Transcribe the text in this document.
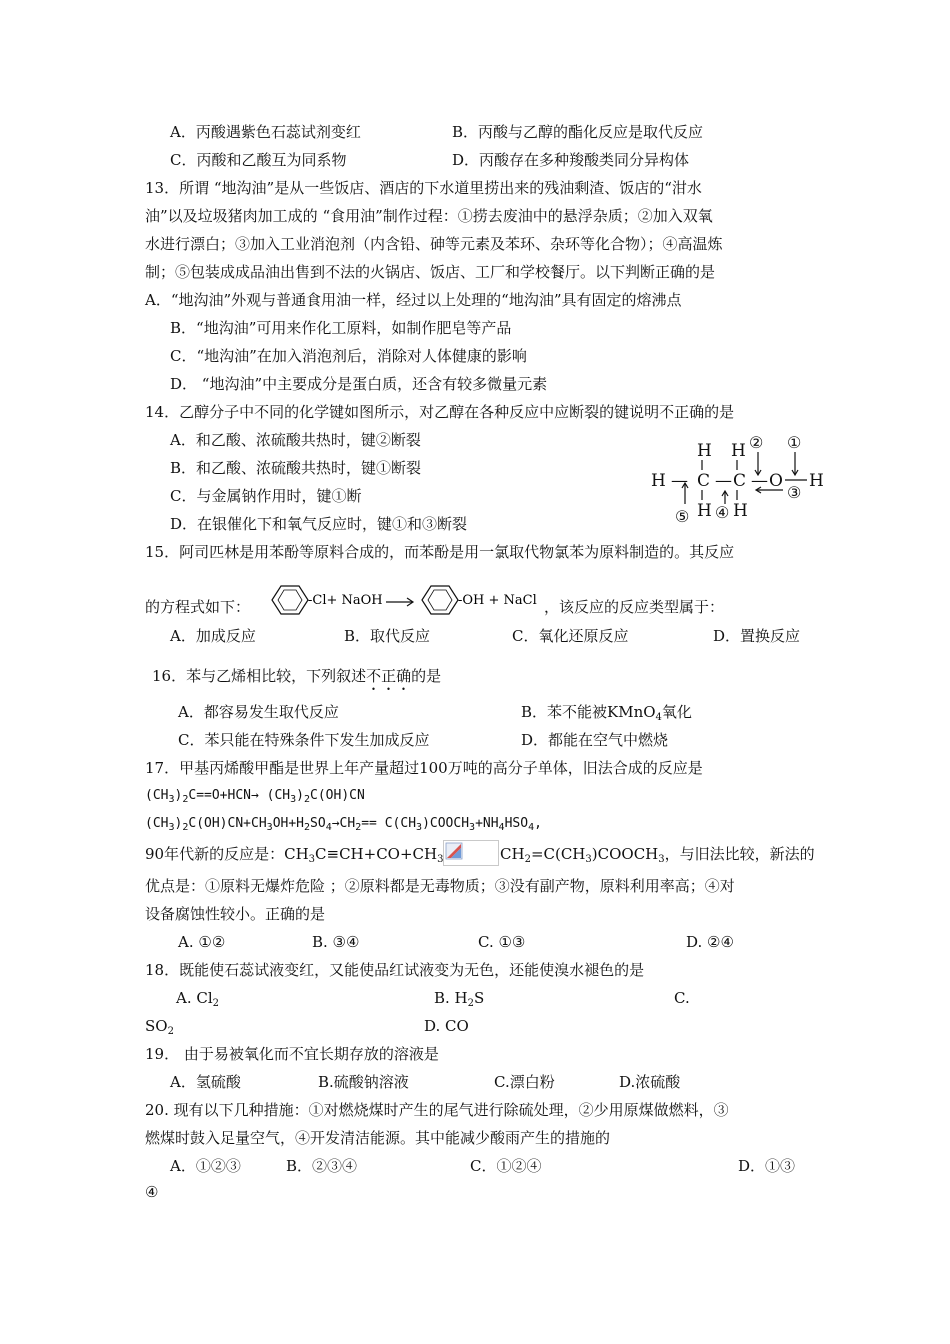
A．丙酸遇紫色石蕊试剂变红	B．丙酸与乙醇的酯化反应是取代反应
C．丙酸和乙酸互为同系物	D．丙酸存在多种羧酸类同分异构体
13．所谓 “地沟油”是从一些饭店、酒店的下水道里捞出来的残油剩渣、饭店的“泔水
油”以及垃圾猪肉加工成的 “食用油”制作过程：①捞去废油中的悬浮杂质；②加入双氧
水进行漂白；③加入工业消泡剂（内含铅、砷等元素及苯环、杂环等化合物）；④高温炼
制；⑤包装成成品油出售到不法的火锅店、饭店、工厂和学校餐厅。以下判断正确的是
A．“地沟油”外观与普通食用油一样，经过以上处理的“地沟油”具有固定的熔沸点
B．“地沟油”可用来作化工原料，如制作肥皂等产品
C．“地沟油”在加入消泡剂后，消除对人体健康的影响
D． “地沟油”中主要成分是蛋白质，还含有较多微量元素
14．乙醇分子中不同的化学键如图所示，对乙醇在各种反应中应断裂的键说明不正确的是
A．和乙酸、浓硫酸共热时，键②断裂
B．和乙酸、浓硫酸共热时，键①断裂
C．与金属钠作用时，键①断
D．在银催化下和氧气反应时，键①和③断裂
H H
H — C — C — O H
H H
② ①
③
⑤ ④
15．阿司匹林是用苯酚等原料合成的，而苯酚是用一氯取代物氯苯为原料制造的。其反应
的方程式如下：	-Cl+ NaOH	-OH + NaCl ，该反应的反应类型属于：
A．加成反应	B．取代反应	C．氧化还原反应	D．置换反应
16．苯与乙烯相比较，下列叙述不正确的是
A．都容易发生取代反应	B．苯不能被KMnO$_4$氧化
C．苯只能在特殊条件下发生加成反应	D．都能在空气中燃烧
17．甲基丙烯酸甲酯是世界上年产量超过100万吨的高分子单体，旧法合成的反应是
$(CH_3)_2C==O+HCN\to (CH_3)_2C(OH)CN$
$(CH_3)_2C(OH)CN+CH_3OH+H_2SO_4\to CH_2==$ $C(CH_3)COOCH_3+NH_4HSO_4$,
90年代新的反应是：$CH_3C\equiv CH+CO+CH_3$	$CH_2=C(CH_3)COOCH_3$，与旧法比较，新法的
优点是：①原料无爆炸危险 ；②原料都是无毒物质；③没有副产物，原料利用率高；④对
设备腐蚀性较小。正确的是
A. ①②	B. ③④	C. ①③	D. ②④
18．既能使石蕊试液变红，又能使品红试液变为无色，还能使溴水褪色的是
A. $Cl_2$	B. $H_2S$	C.
$SO_2$	D. CO
19． 由于易被氧化而不宜长期存放的溶液是
A．氢硫酸	B.硫酸钠溶液	C.漂白粉	D.浓硫酸
20. 现有以下几种措施：①对燃烧煤时产生的尾气进行除硫处理，②少用原煤做燃料，③
燃煤时鼓入足量空气，④开发清洁能源。其中能减少酸雨产生的措施的
A．①②③	B．②③④	C．①②④	D．①③
④
